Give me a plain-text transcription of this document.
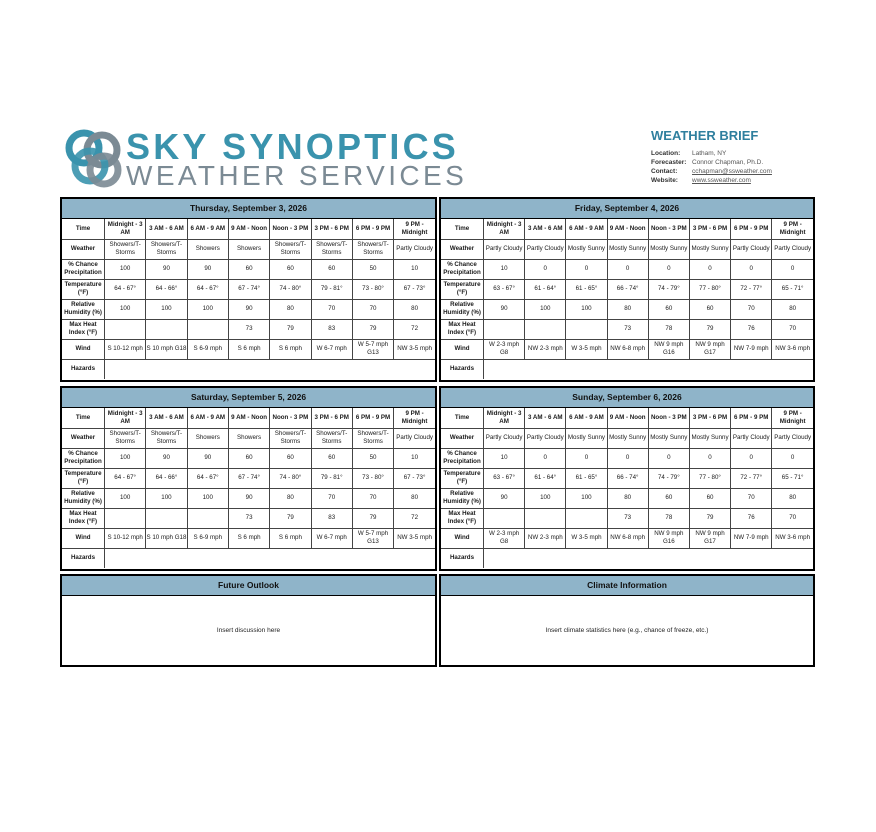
SKY SYNOPTICS
WEATHER SERVICES
WEATHER BRIEF
Location:	Latham, NY
Forecaster: Connor Chapman, Ph.D.
Contact:	cchapman@ssweather.com
Website:	www.ssweather.com
Thursday, September 3, 2026
Time	Midnight - 3 AM	3 AM - 6 AM	6 AM - 9 AM	9 AM - Noon	Noon - 3 PM	3 PM - 6 PM	6 PM - 9 PM	9 PM - Midnight
Weather	Showers/T-Storms	Showers/T-Storms	Showers	Showers	Showers/T-Storms	Showers/T-Storms	Showers/T-Storms	Partly Cloudy
% Chance Precipitation	100	90	90	60	60	60	50	10
Temperature (°F)	64 - 67°	64 - 66°	64 - 67°	67 - 74°	74 - 80°	79 - 81°	73 - 80°	67 - 73°
Relative Humidity (%)	100	100	100	90	80	70	70	80
Max Heat Index (°F)				73	79	83	79	72
Wind	S 10-12 mph	S 10 mph G18	S 6-9 mph	S 6 mph	S 6 mph	W 6-7 mph	W 5-7 mph G13	NW 3-5 mph
Hazards								
Friday, September 4, 2026
Time	Midnight - 3 AM	3 AM - 6 AM	6 AM - 9 AM	9 AM - Noon	Noon - 3 PM	3 PM - 6 PM	6 PM - 9 PM	9 PM - Midnight
Weather	Partly Cloudy	Partly Cloudy	Mostly Sunny	Mostly Sunny	Mostly Sunny	Mostly Sunny	Partly Cloudy	Partly Cloudy
% Chance Precipitation	10	0	0	0	0	0	0	0
Temperature (°F)	63 - 67°	61 - 64°	61 - 65°	66 - 74°	74 - 79°	77 - 80°	72 - 77°	65 - 71°
Relative Humidity (%)	90	100	100	80	60	60	70	80
Max Heat Index (°F)				73	78	79	76	70
Wind	W 2-3 mph G8	NW 2-3 mph	W 3-5 mph	NW 6-8 mph	NW 9 mph G16	NW 9 mph G17	NW 7-9 mph	NW 3-6 mph
Hazards								
Saturday, September 5, 2026
Time	Midnight - 3 AM	3 AM - 6 AM	6 AM - 9 AM	9 AM - Noon	Noon - 3 PM	3 PM - 6 PM	6 PM - 9 PM	9 PM - Midnight
Weather	Showers/T-Storms	Showers/T-Storms	Showers	Showers	Showers/T-Storms	Showers/T-Storms	Showers/T-Storms	Partly Cloudy
% Chance Precipitation	100	90	90	60	60	60	50	10
Temperature (°F)	64 - 67°	64 - 66°	64 - 67°	67 - 74°	74 - 80°	79 - 81°	73 - 80°	67 - 73°
Relative Humidity (%)	100	100	100	90	80	70	70	80
Max Heat Index (°F)				73	79	83	79	72
Wind	S 10-12 mph	S 10 mph G18	S 6-9 mph	S 6 mph	S 6 mph	W 6-7 mph	W 5-7 mph G13	NW 3-5 mph
Hazards								
Sunday, September 6, 2026
Time	Midnight - 3 AM	3 AM - 6 AM	6 AM - 9 AM	9 AM - Noon	Noon - 3 PM	3 PM - 6 PM	6 PM - 9 PM	9 PM - Midnight
Weather	Partly Cloudy	Partly Cloudy	Mostly Sunny	Mostly Sunny	Mostly Sunny	Mostly Sunny	Partly Cloudy	Partly Cloudy
% Chance Precipitation	10	0	0	0	0	0	0	0
Temperature (°F)	63 - 67°	61 - 64°	61 - 65°	66 - 74°	74 - 79°	77 - 80°	72 - 77°	65 - 71°
Relative Humidity (%)	90	100	100	80	60	60	70	80
Max Heat Index (°F)				73	78	79	76	70
Wind	W 2-3 mph G8	NW 2-3 mph	W 3-5 mph	NW 6-8 mph	NW 9 mph G16	NW 9 mph G17	NW 7-9 mph	NW 3-6 mph
Hazards								
Future Outlook
Insert discussion here
Climate Information
Insert climate statistics here (e.g., chance of freeze, etc.)
